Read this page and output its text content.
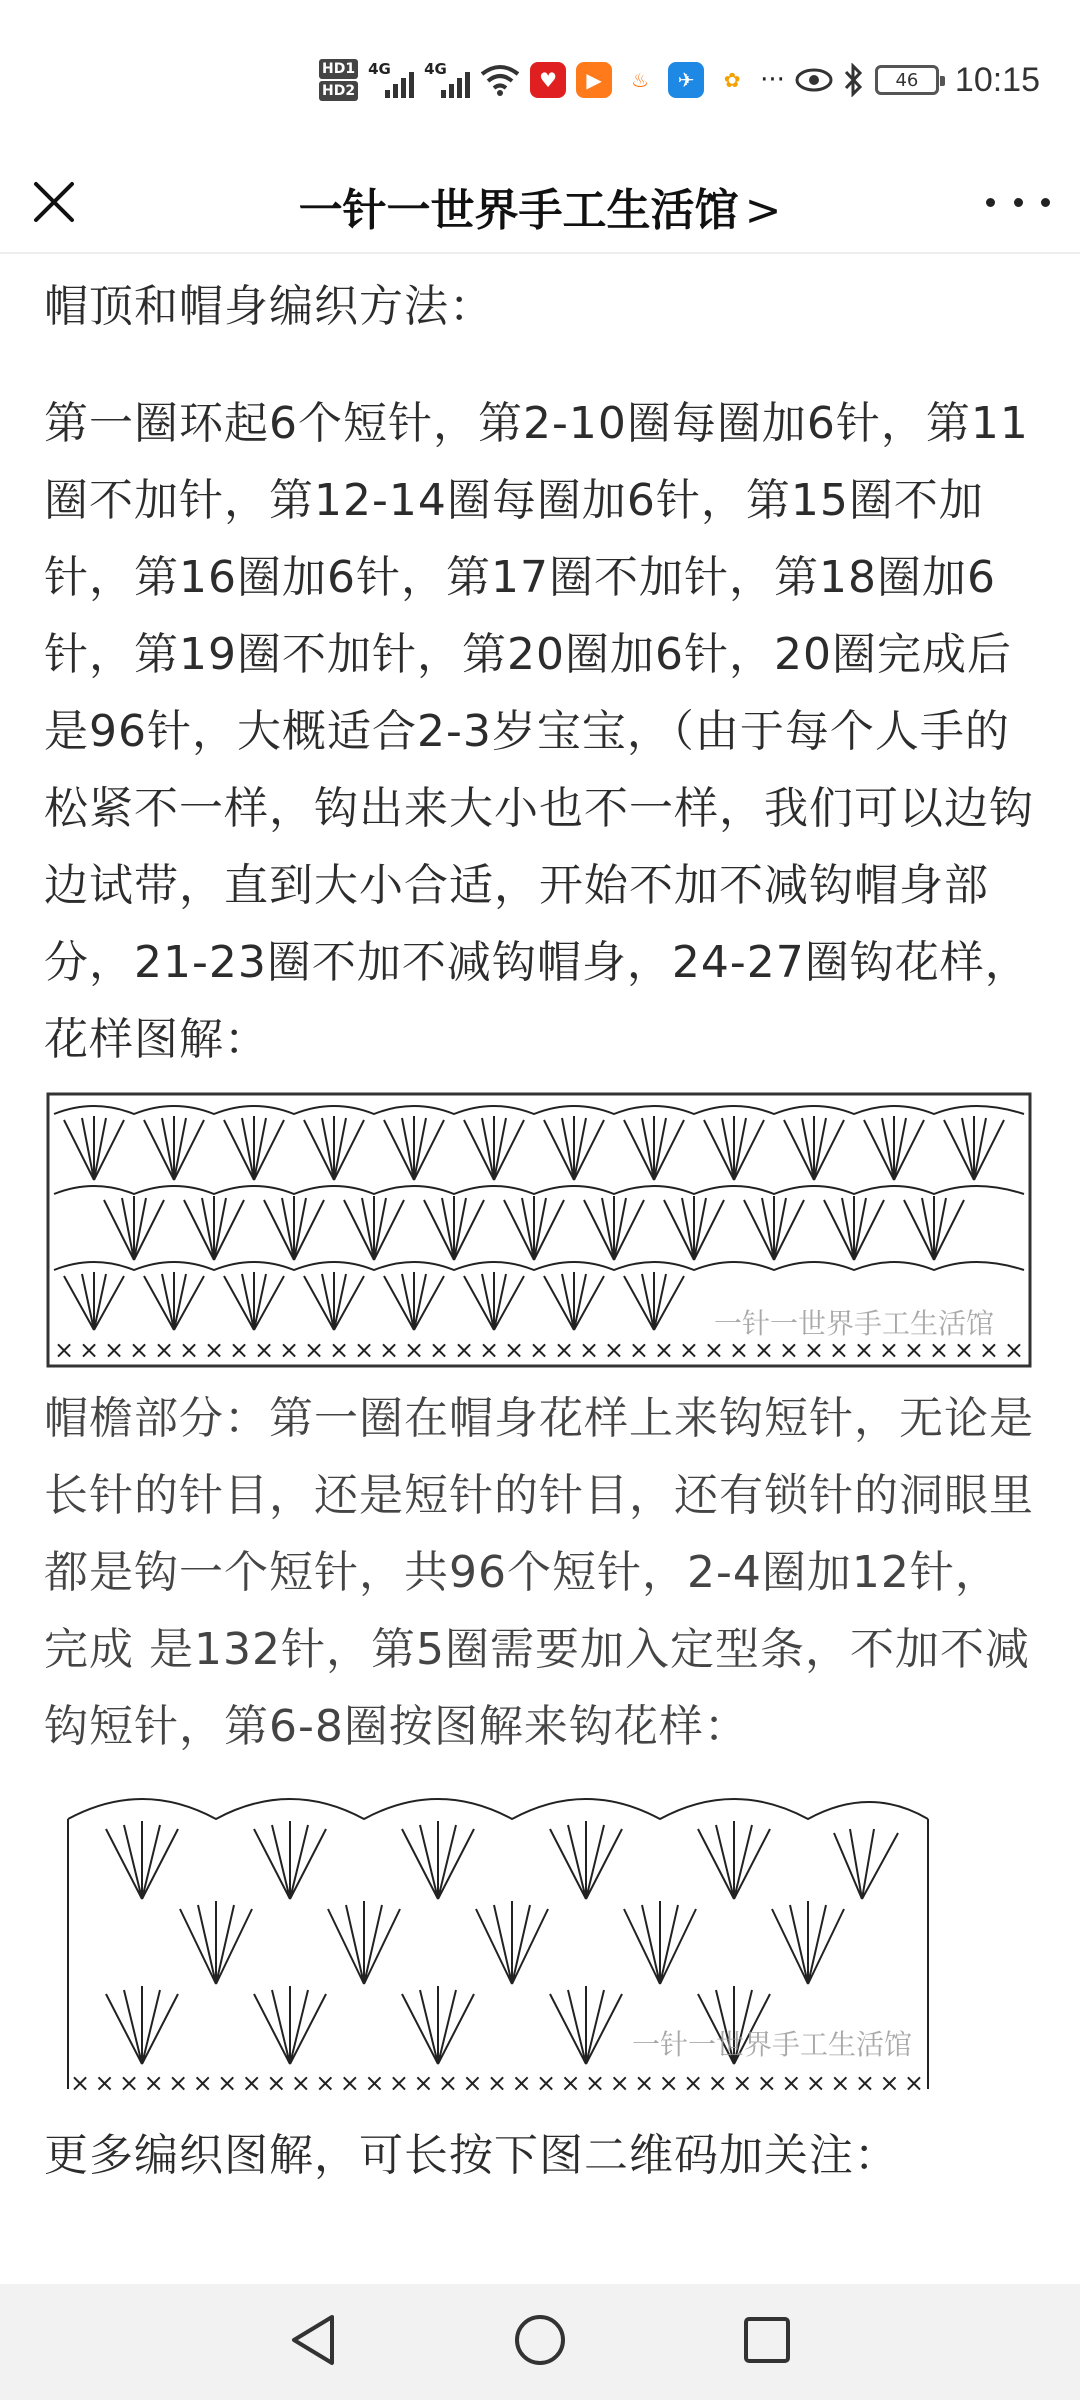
HD1
HD2
4G 4G	♥	▶	♨	✈	✿ ···	46 10:15
一针一世界手工生活馆 >

帽顶和帽身编织方法：

第一圈环起6个短针，第2-10圈每圈加6针，第11圈不加针，第12-14圈每圈加6针，第15圈不加针，第16圈加6针，第17圈不加针，第18圈加6针，第19圈不加针，第20圈加6针，20圈完成后是96针，大概适合2-3岁宝宝，（由于每个人手的松紧不一样，钩出来大小也不一样，我们可以边钩边试带，直到大小合适，开始不加不减钩帽身部分，21-23圈不加不减钩帽身，24-27圈钩花样，花样图解：

×××××××××××××××××××××××××××××××××××××××
一针一世界手工生活馆

帽檐部分：第一圈在帽身花样上来钩短针，无论是长针的针目，还是短针的针目，还有锁针的洞眼里都是钩一个短针，共96个短针，2-4圈加12针，完成 是132针，第5圈需要加入定型条，不加不减钩短针，第6-8圈按图解来钩花样：

×××××××××××××××××××××××××××××××××××
一针一世界手工生活馆

更多编织图解，可长按下图二维码加关注：
